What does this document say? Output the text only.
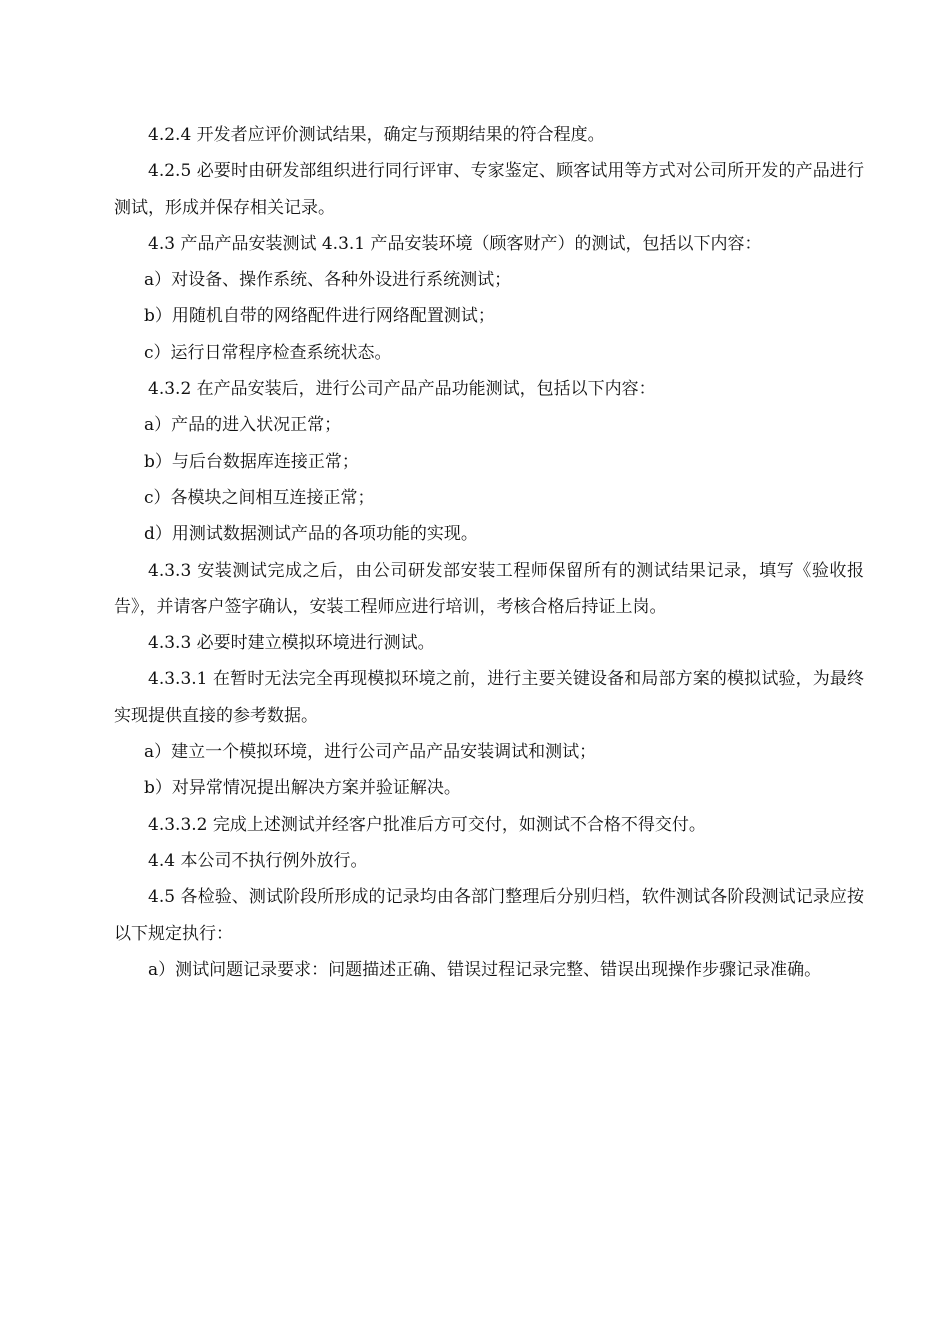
4.2.4 开发者应评价测试结果，确定与预期结果的符合程度。

4.2.5 必要时由研发部组织进行同行评审、专家鉴定、顾客试用等方式对公司所开发的产品进行测试，形成并保存相关记录。

4.3 产品产品安装测试 4.3.1 产品安装环境（顾客财产）的测试，包括以下内容：

a）对设备、操作系统、各种外设进行系统测试；

b）用随机自带的网络配件进行网络配置测试；

c）运行日常程序检查系统状态。

4.3.2 在产品安装后，进行公司产品产品功能测试，包括以下内容：

a）产品的进入状况正常；

b）与后台数据库连接正常；

c）各模块之间相互连接正常；

d）用测试数据测试产品的各项功能的实现。

4.3.3 安装测试完成之后，由公司研发部安装工程师保留所有的测试结果记录，填写《验收报告》，并请客户签字确认，安装工程师应进行培训，考核合格后持证上岗。

4.3.3 必要时建立模拟环境进行测试。

4.3.3.1 在暂时无法完全再现模拟环境之前，进行主要关键设备和局部方案的模拟试验，为最终实现提供直接的参考数据。

a）建立一个模拟环境，进行公司产品产品安装调试和测试；

b）对异常情况提出解决方案并验证解决。

4.3.3.2 完成上述测试并经客户批准后方可交付，如测试不合格不得交付。

4.4 本公司不执行例外放行。

4.5 各检验、测试阶段所形成的记录均由各部门整理后分别归档，软件测试各阶段测试记录应按以下规定执行：

a）测试问题记录要求：问题描述正确、错误过程记录完整、错误出现操作步骤记录准确。
